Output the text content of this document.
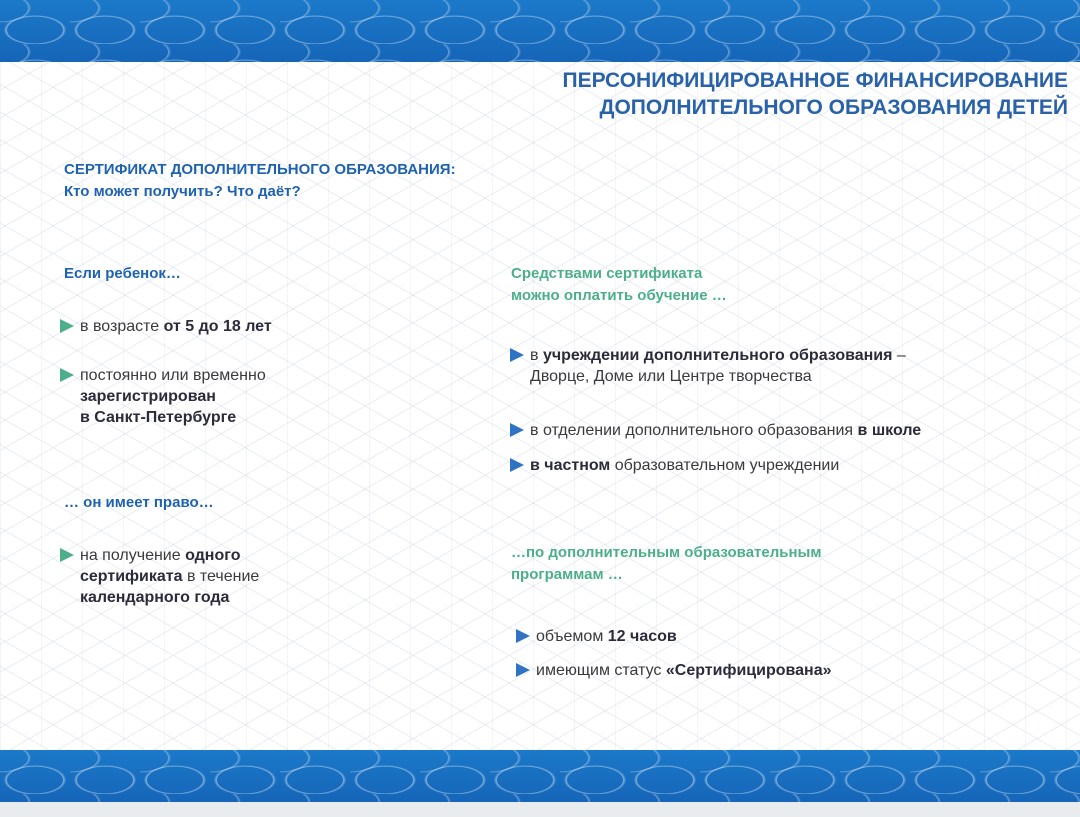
ПЕРСОНИФИЦИРОВАННОЕ ФИНАНСИРОВАНИЕ
ДОПОЛНИТЕЛЬНОГО ОБРАЗОВАНИЯ ДЕТЕЙ
СЕРТИФИКАТ ДОПОЛНИТЕЛЬНОГО ОБРАЗОВАНИЯ:
Кто может получить? Что даёт?
Если ребенок…
в возрасте от 5 до 18 лет
постоянно или временно
зарегистрирован
в Санкт-Петербурге
… он имеет право…
на получение одного
сертификата в течение
календарного года
Средствами сертификата
можно оплатить обучение …
в учреждении дополнительного образования –
Дворце, Доме или Центре творчества
в отделении дополнительного образования в школе
в частном образовательном учреждении
…по дополнительным образовательным
программам …
объемом 12 часов
имеющим статус «Сертифицирована»
